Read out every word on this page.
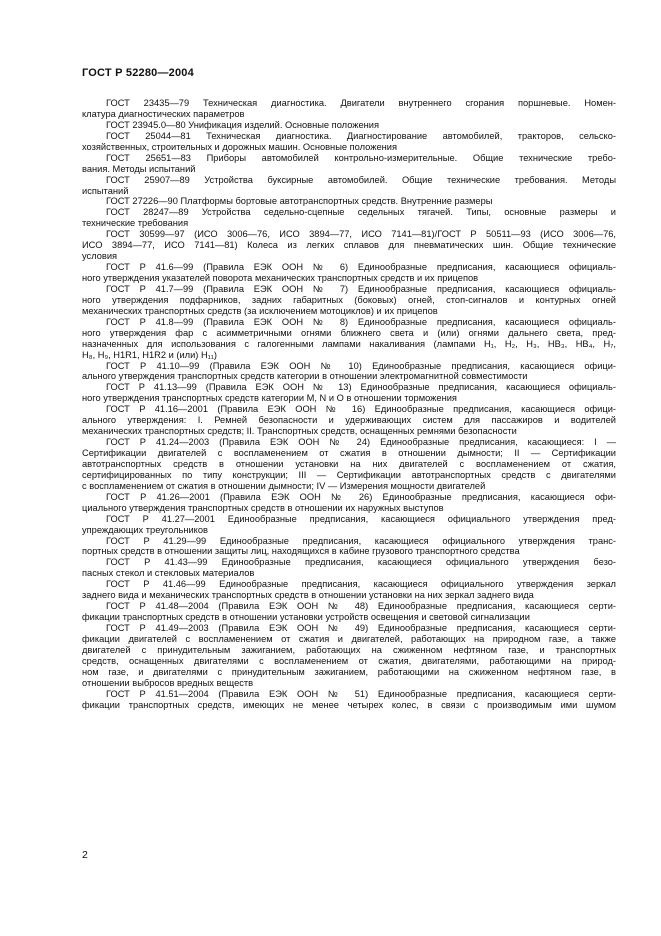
ГОСТ Р 52280—2004
ГОСТ 23435—79 Техническая диагностика. Двигатели внутреннего сгорания поршневые. Номен-
клатура диагностических параметров
ГОСТ 23945.0—80 Унификация изделий. Основные положения
ГОСТ 25044—81 Техническая диагностика. Диагностирование автомобилей, тракторов, сельско-
хозяйственных, строительных и дорожных машин. Основные положения
ГОСТ 25651—83 Приборы автомобилей контрольно-измерительные. Общие технические требо-
вания. Методы испытаний
ГОСТ 25907—89 Устройства буксирные автомобилей. Общие технические требования. Методы
испытаний
ГОСТ 27226—90 Платформы бортовые автотранспортных средств. Внутренние размеры
ГОСТ 28247—89 Устройства седельно-сцепные седельных тягачей. Типы, основные размеры и
технические требования
ГОСТ 30599—97 (ИСО 3006—76, ИСО 3894—77, ИСО 7141—81)/ГОСТ Р 50511—93 (ИСО 3006—76,
ИСО 3894—77, ИСО 7141—81) Колеса из легких сплавов для пневматических шин. Общие технические
условия
ГОСТ Р 41.6—99 (Правила ЕЭК ООН № 6) Единообразные предписания, касающиеся официаль-
ного утверждения указателей поворота механических транспортных средств и их прицепов
ГОСТ Р 41.7—99 (Правила ЕЭК ООН № 7) Единообразные предписания, касающиеся официаль-
ного утверждения подфарников, задних габаритных (боковых) огней, стоп-сигналов и контурных огней
механических транспортных средств (за исключением мотоциклов) и их прицепов
ГОСТ Р 41.8—99 (Правила ЕЭК ООН № 8) Единообразные предписания, касающиеся официаль-
ного утверждения фар с асимметричными огнями ближнего света и (или) огнями дальнего света, пред-
назначенных для использования с галогенными лампами накаливания (лампами H₁, H₂, H₃, HB₃, HB₄, H₇,
H₈, H₉, H1R1, H1R2 и (или) H₁₁)
ГОСТ Р 41.10—99 (Правила ЕЭК ООН № 10) Единообразные предписания, касающиеся офици-
ального утверждения транспортных средств категории в отношении электромагнитной совместимости
ГОСТ Р 41.13—99 (Правила ЕЭК ООН № 13) Единообразные предписания, касающиеся официаль-
ного утверждения транспортных средств категории M, N и O в отношении торможения
ГОСТ Р 41.16—2001 (Правила ЕЭК ООН № 16) Единообразные предписания, касающиеся офици-
ального утверждения: I. Ремней безопасности и удерживающих систем для пассажиров и водителей
механических транспортных средств; II. Транспортных средств, оснащенных ремнями безопасности
ГОСТ Р 41.24—2003 (Правила ЕЭК ООН № 24) Единообразные предписания, касающиеся: I —
Сертификации двигателей с воспламенением от сжатия в отношении дымности; II — Сертификации
автотранспортных средств в отношении установки на них двигателей с воспламенением от сжатия,
сертифицированных по типу конструкции; III — Сертификации автотранспортных средств с двигателями
с воспламенением от сжатия в отношении дымности; IV — Измерения мощности двигателей
ГОСТ Р 41.26—2001 (Правила ЕЭК ООН № 26) Единообразные предписания, касающиеся офи-
циального утверждения транспортных средств в отношении их наружных выступов
ГОСТ Р 41.27—2001 Единообразные предписания, касающиеся официального утверждения пред-
упреждающих треугольников
ГОСТ Р 41.29—99 Единообразные предписания, касающиеся официального утверждения транс-
портных средств в отношении защиты лиц, находящихся в кабине грузового транспортного средства
ГОСТ Р 41.43—99 Единообразные предписания, касающиеся официального утверждения безо-
пасных стекол и стекловых материалов
ГОСТ Р 41.46—99 Единообразные предписания, касающиеся официального утверждения зеркал
заднего вида и механических транспортных средств в отношении установки на них зеркал заднего вида
ГОСТ Р 41.48—2004 (Правила ЕЭК ООН № 48) Единообразные предписания, касающиеся серти-
фикации транспортных средств в отношении установки устройств освещения и световой сигнализации
ГОСТ Р 41.49—2003 (Правила ЕЭК ООН № 49) Единообразные предписания, касающиеся серти-
фикации двигателей с воспламенением от сжатия и двигателей, работающих на природном газе, а также
двигателей с принудительным зажиганием, работающих на сжиженном нефтяном газе, и транспортных
средств, оснащенных двигателями с воспламенением от сжатия, двигателями, работающими на природ-
ном газе, и двигателями с принудительным зажиганием, работающими на сжиженном нефтяном газе, в
отношении выбросов вредных веществ
ГОСТ Р 41.51—2004 (Правила ЕЭК ООН № 51) Единообразные предписания, касающиеся серти-
фикации транспортных средств, имеющих не менее четырех колес, в связи с производимым ими шумом
2
